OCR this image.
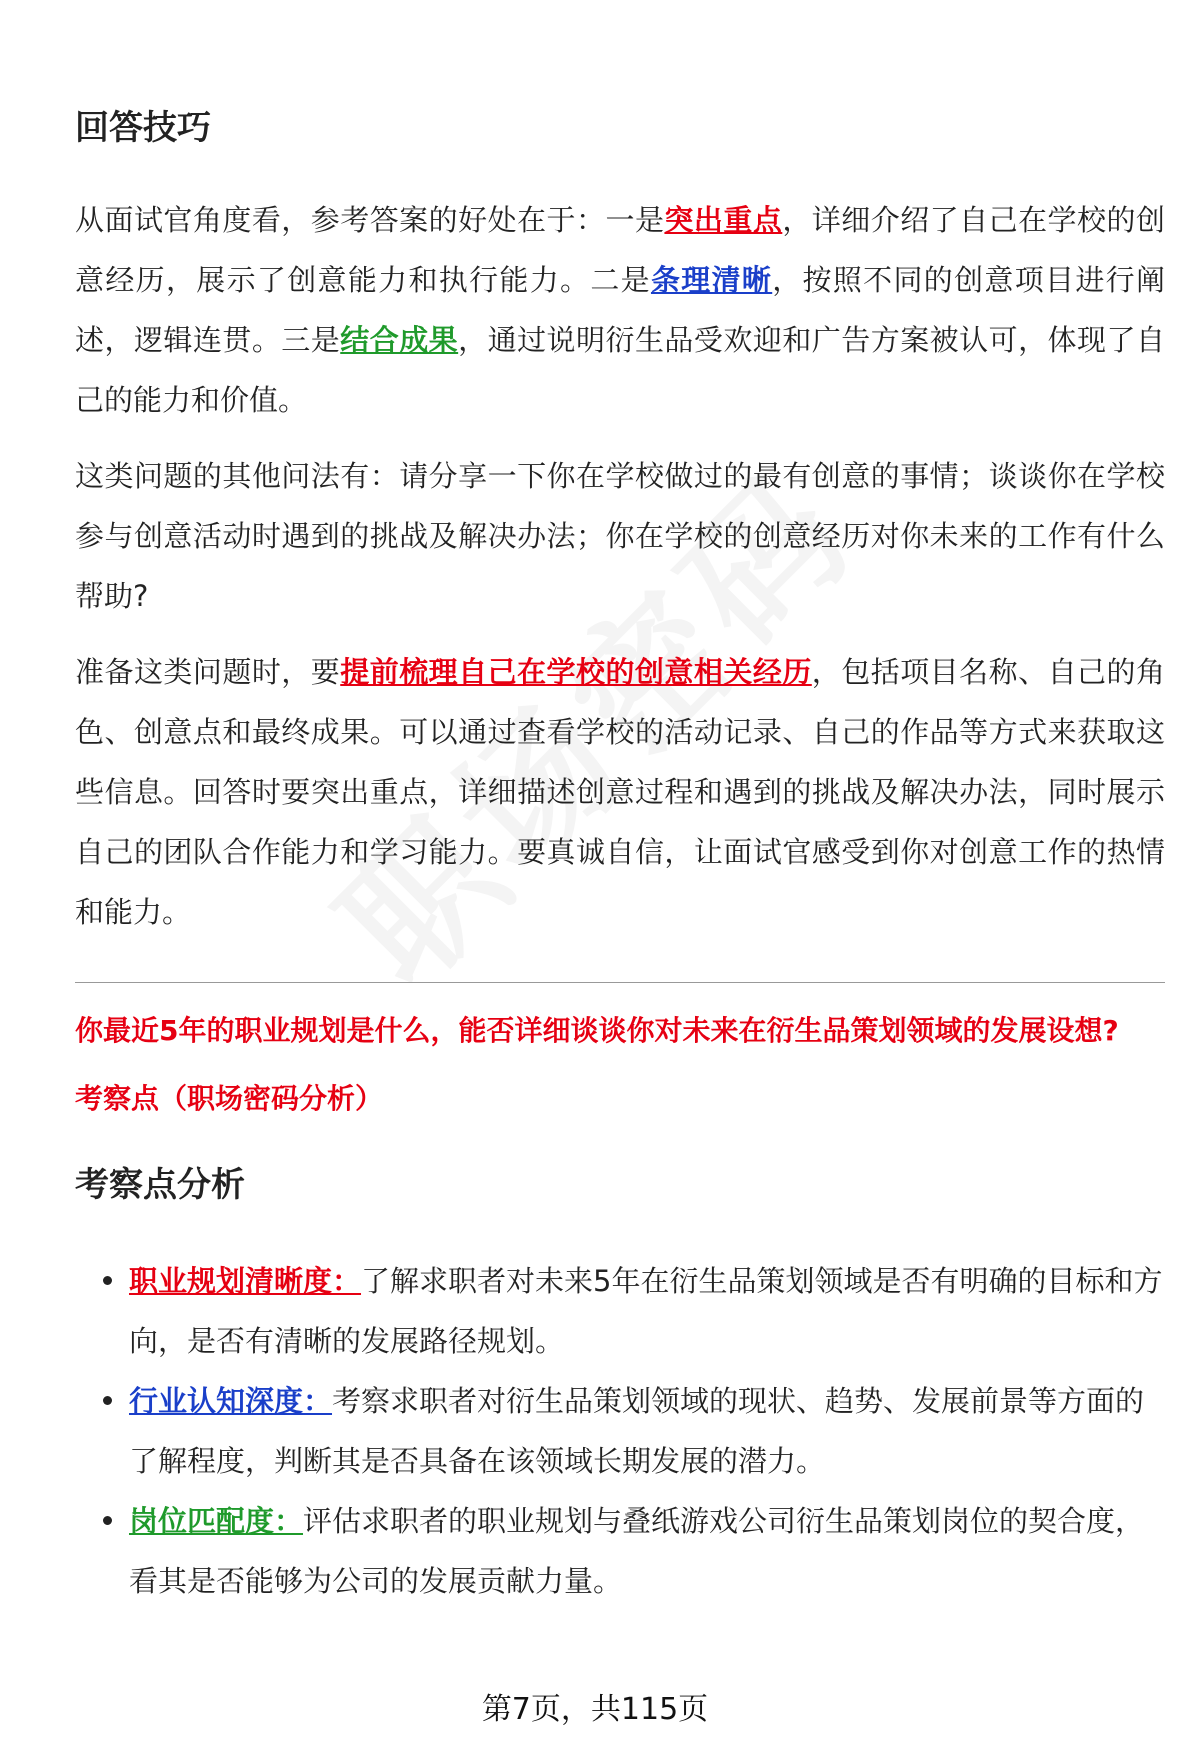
回答技巧

从面试官角度看，参考答案的好处在于：一是突出重点，详细介绍了自己在学校的创意经历，展示了创意能力和执行能力。二是条理清晰，按照不同的创意项目进行阐述，逻辑连贯。三是结合成果，通过说明衍生品受欢迎和广告方案被认可，体现了自己的能力和价值。

这类问题的其他问法有：请分享一下你在学校做过的最有创意的事情；谈谈你在学校参与创意活动时遇到的挑战及解决办法；你在学校的创意经历对你未来的工作有什么帮助?

准备这类问题时，要提前梳理自己在学校的创意相关经历，包括项目名称、自己的角色、创意点和最终成果。可以通过查看学校的活动记录、自己的作品等方式来获取这些信息。回答时要突出重点，详细描述创意过程和遇到的挑战及解决办法，同时展示自己的团队合作能力和学习能力。要真诚自信，让面试官感受到你对创意工作的热情和能力。

你最近5年的职业规划是什么，能否详细谈谈你对未来在衍生品策划领域的发展设想?
考察点（职场密码分析）
考察点分析
职业规划清晰度：了解求职者对未来5年在衍生品策划领域是否有明确的目标和方向，是否有清晰的发展路径规划。
行业认知深度：考察求职者对衍生品策划领域的现状、趋势、发展前景等方面的了解程度，判断其是否具备在该领域长期发展的潜力。
岗位匹配度：评估求职者的职业规划与叠纸游戏公司衍生品策划岗位的契合度，看其是否能够为公司的发展贡献力量。
第7页，共115页
